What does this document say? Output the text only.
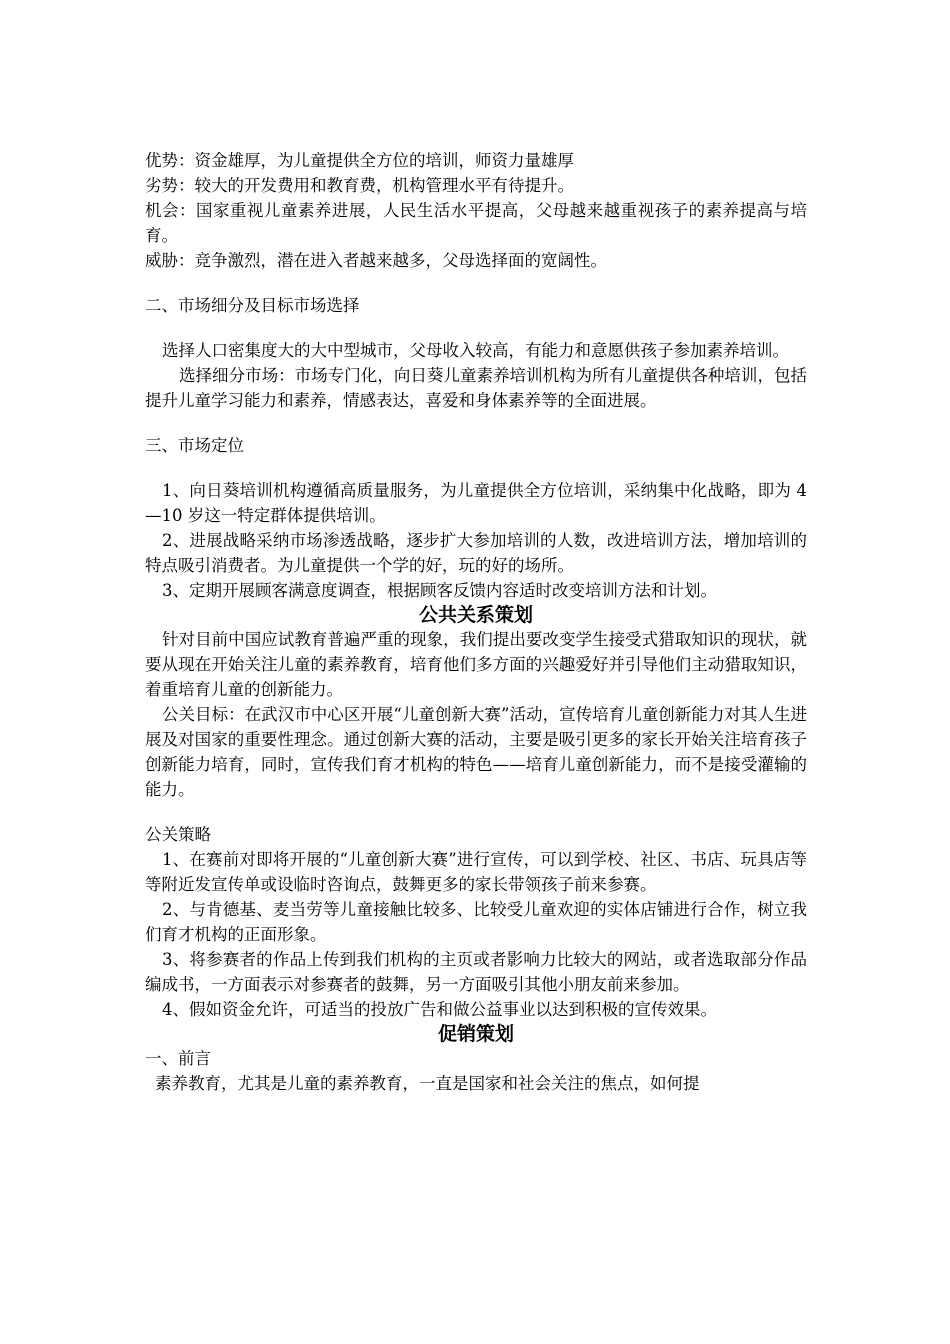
优势：资金雄厚，为儿童提供全方位的培训，师资力量雄厚

劣势：较大的开发费用和教育费，机构管理水平有待提升。

机会：国家重视儿童素养进展，人民生活水平提高，父母越来越重视孩子的素养提高与培育。

威胁：竞争激烈，潜在进入者越来越多，父母选择面的宽阔性。

二、市场细分及目标市场选择

选择人口密集度大的大中型城市，父母收入较高，有能力和意愿供孩子参加素养培训。

选择细分市场：市场专门化，向日葵儿童素养培训机构为所有儿童提供各种培训，包括提升儿童学习能力和素养，情感表达，喜爱和身体素养等的全面进展。

三、市场定位

1、向日葵培训机构遵循高质量服务，为儿童提供全方位培训，采纳集中化战略，即为 4—10 岁这一特定群体提供培训。

2、进展战略采纳市场渗透战略，逐步扩大参加培训的人数，改进培训方法，增加培训的特点吸引消费者。为儿童提供一个学的好，玩的好的场所。

3、定期开展顾客满意度调查，根据顾客反馈内容适时改变培训方法和计划。

公共关系策划

针对目前中国应试教育普遍严重的现象，我们提出要改变学生接受式猎取知识的现状，就要从现在开始关注儿童的素养教育，培育他们多方面的兴趣爱好并引导他们主动猎取知识，着重培育儿童的创新能力。

公关目标：在武汉市中心区开展“儿童创新大赛”活动，宣传培育儿童创新能力对其人生进展及对国家的重要性理念。通过创新大赛的活动，主要是吸引更多的家长开始关注培育孩子创新能力培育，同时，宣传我们育才机构的特色——培育儿童创新能力，而不是接受灌输的能力。

公关策略

1、在赛前对即将开展的“儿童创新大赛”进行宣传，可以到学校、社区、书店、玩具店等等附近发宣传单或设临时咨询点，鼓舞更多的家长带领孩子前来参赛。

2、与肯德基、麦当劳等儿童接触比较多、比较受儿童欢迎的实体店铺进行合作，树立我们育才机构的正面形象。

3、将参赛者的作品上传到我们机构的主页或者影响力比较大的网站，或者选取部分作品编成书，一方面表示对参赛者的鼓舞，另一方面吸引其他小朋友前来参加。

4、假如资金允许，可适当的投放广告和做公益事业以达到积极的宣传效果。

促销策划

一、前言

素养教育，尤其是儿童的素养教育，一直是国家和社会关注的焦点，如何提
